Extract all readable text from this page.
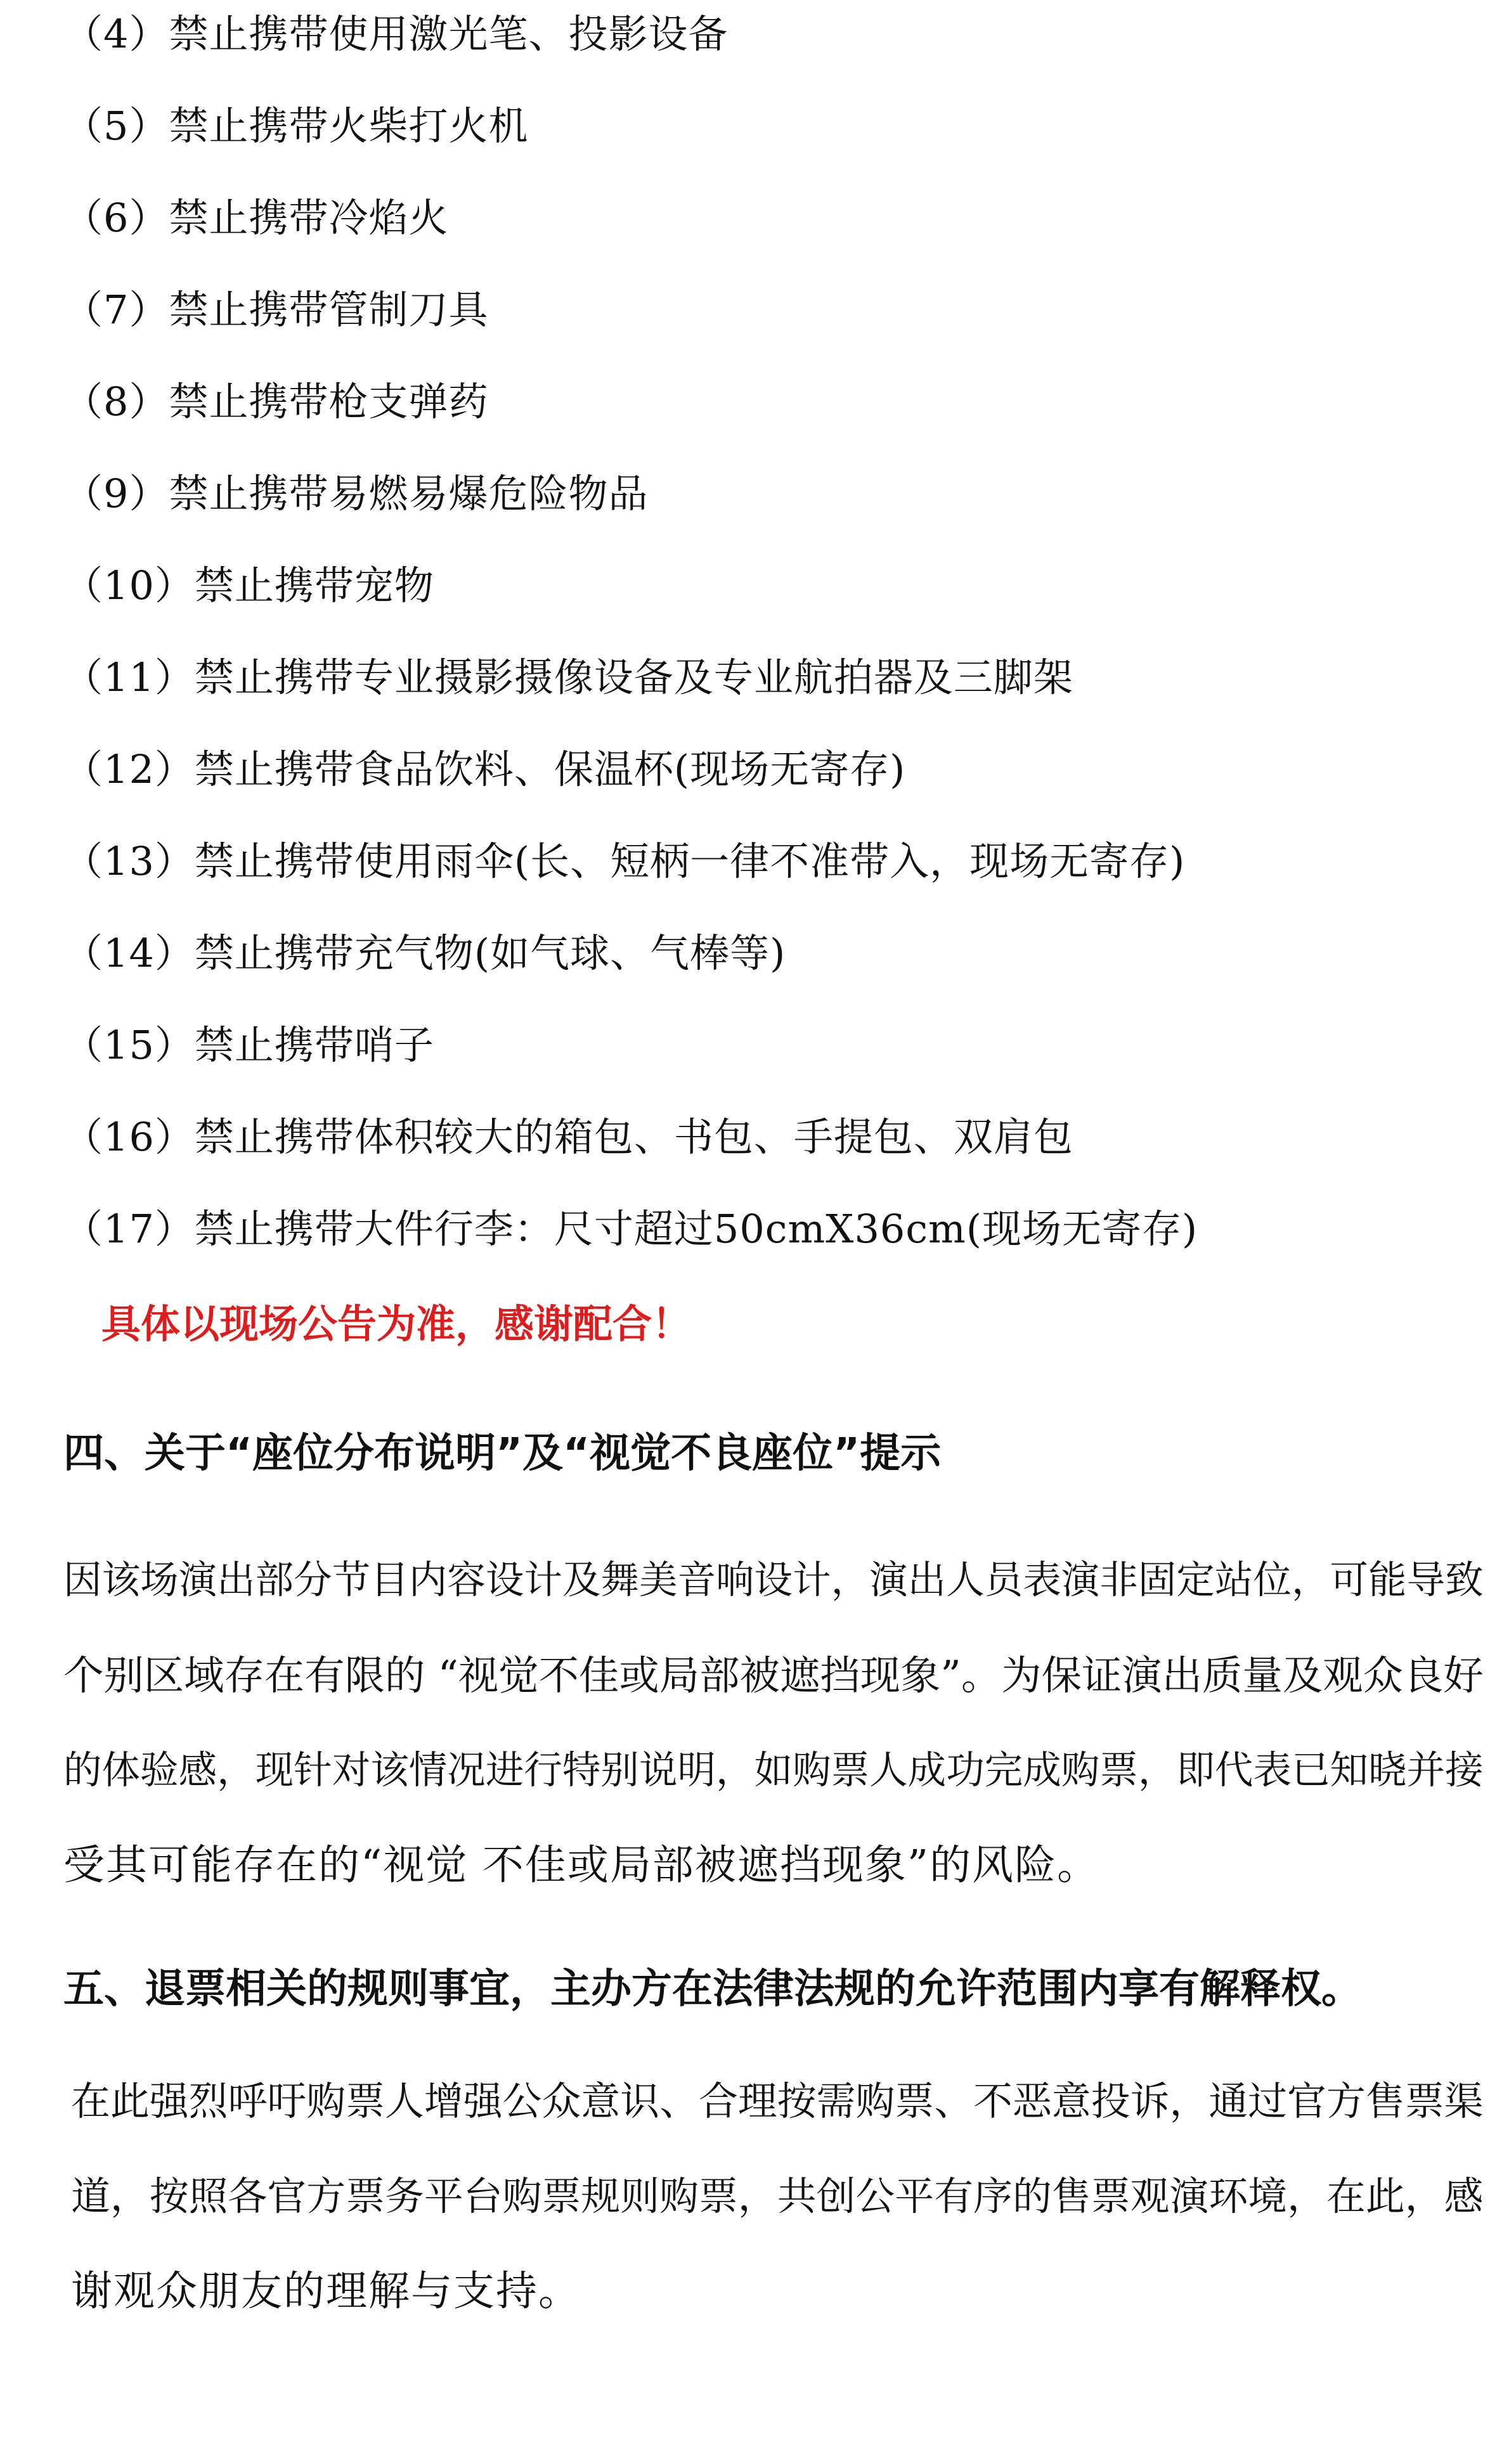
（4）禁止携带使用激光笔、投影设备
（5）禁止携带火柴打火机
（6）禁止携带冷焰火
（7）禁止携带管制刀具
（8）禁止携带枪支弹药
（9）禁止携带易燃易爆危险物品
（10）禁止携带宠物
（11）禁止携带专业摄影摄像设备及专业航拍器及三脚架
（12）禁止携带食品饮料、保温杯(现场无寄存)
（13）禁止携带使用雨伞(长、短柄一律不准带入，现场无寄存)
（14）禁止携带充气物(如气球、气棒等)
（15）禁止携带哨子
（16）禁止携带体积较大的箱包、书包、手提包、双肩包
（17）禁止携带大件行李：尺寸超过50cmX36cm(现场无寄存)
具体以现场公告为准，感谢配合！
四、关于“座位分布说明”及“视觉不良座位”提示
因该场演出部分节目内容设计及舞美音响设计，演出人员表演非固定站位，可能导致
个别区域存在有限的 “视觉不佳或局部被遮挡现象”。为保证演出质量及观众良好
的体验感，现针对该情况进行特别说明，如购票人成功完成购票，即代表已知晓并接
受其可能存在的“视觉 不佳或局部被遮挡现象”的风险。
五、退票相关的规则事宜，主办方在法律法规的允许范围内享有解释权。
在此强烈呼吁购票人增强公众意识、合理按需购票、不恶意投诉，通过官方售票渠
道，按照各官方票务平台购票规则购票，共创公平有序的售票观演环境，在此，感
谢观众朋友的理解与支持。
